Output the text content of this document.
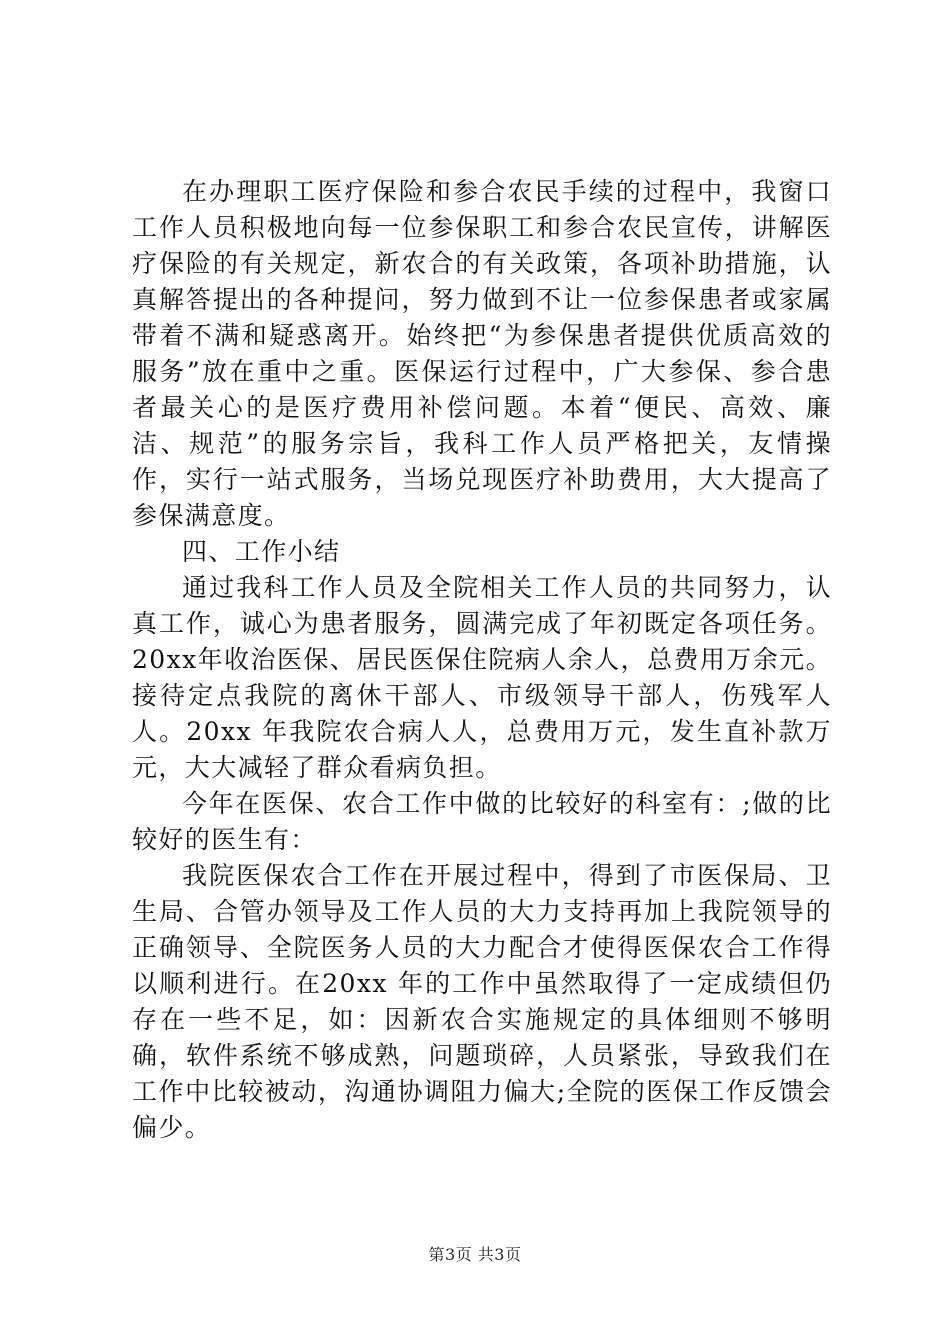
在办理职工医疗保险和参合农民手续的过程中，我窗口工作人员积极地向每一位参保职工和参合农民宣传，讲解医疗保险的有关规定，新农合的有关政策，各项补助措施，认真解答提出的各种提问，努力做到不让一位参保患者或家属带着不满和疑惑离开。始终把“为参保患者提供优质高效的服务”放在重中之重。医保运行过程中，广大参保、参合患者最关心的是医疗费用补偿问题。本着“便民、高效、廉洁、规范”的服务宗旨，我科工作人员严格把关，友情操作，实行一站式服务，当场兑现医疗补助费用，大大提高了参保满意度。

四、工作小结

通过我科工作人员及全院相关工作人员的共同努力，认真工作，诚心为患者服务，圆满完成了年初既定各项任务。20xx年收治医保、居民医保住院病人余人，总费用万余元。接待定点我院的离休干部人、市级领导干部人，伤残军人人。20xx 年我院农合病人人，总费用万元，发生直补款万元，大大减轻了群众看病负担。

今年在医保、农合工作中做的比较好的科室有：;做的比较好的医生有：

我院医保农合工作在开展过程中，得到了市医保局、卫生局、合管办领导及工作人员的大力支持再加上我院领导的正确领导、全院医务人员的大力配合才使得医保农合工作得以顺利进行。在20xx 年的工作中虽然取得了一定成绩但仍存在一些不足，如：因新农合实施规定的具体细则不够明确，软件系统不够成熟，问题琐碎，人员紧张，导致我们在工作中比较被动，沟通协调阻力偏大;全院的医保工作反馈会偏少。

第3页 共3页
